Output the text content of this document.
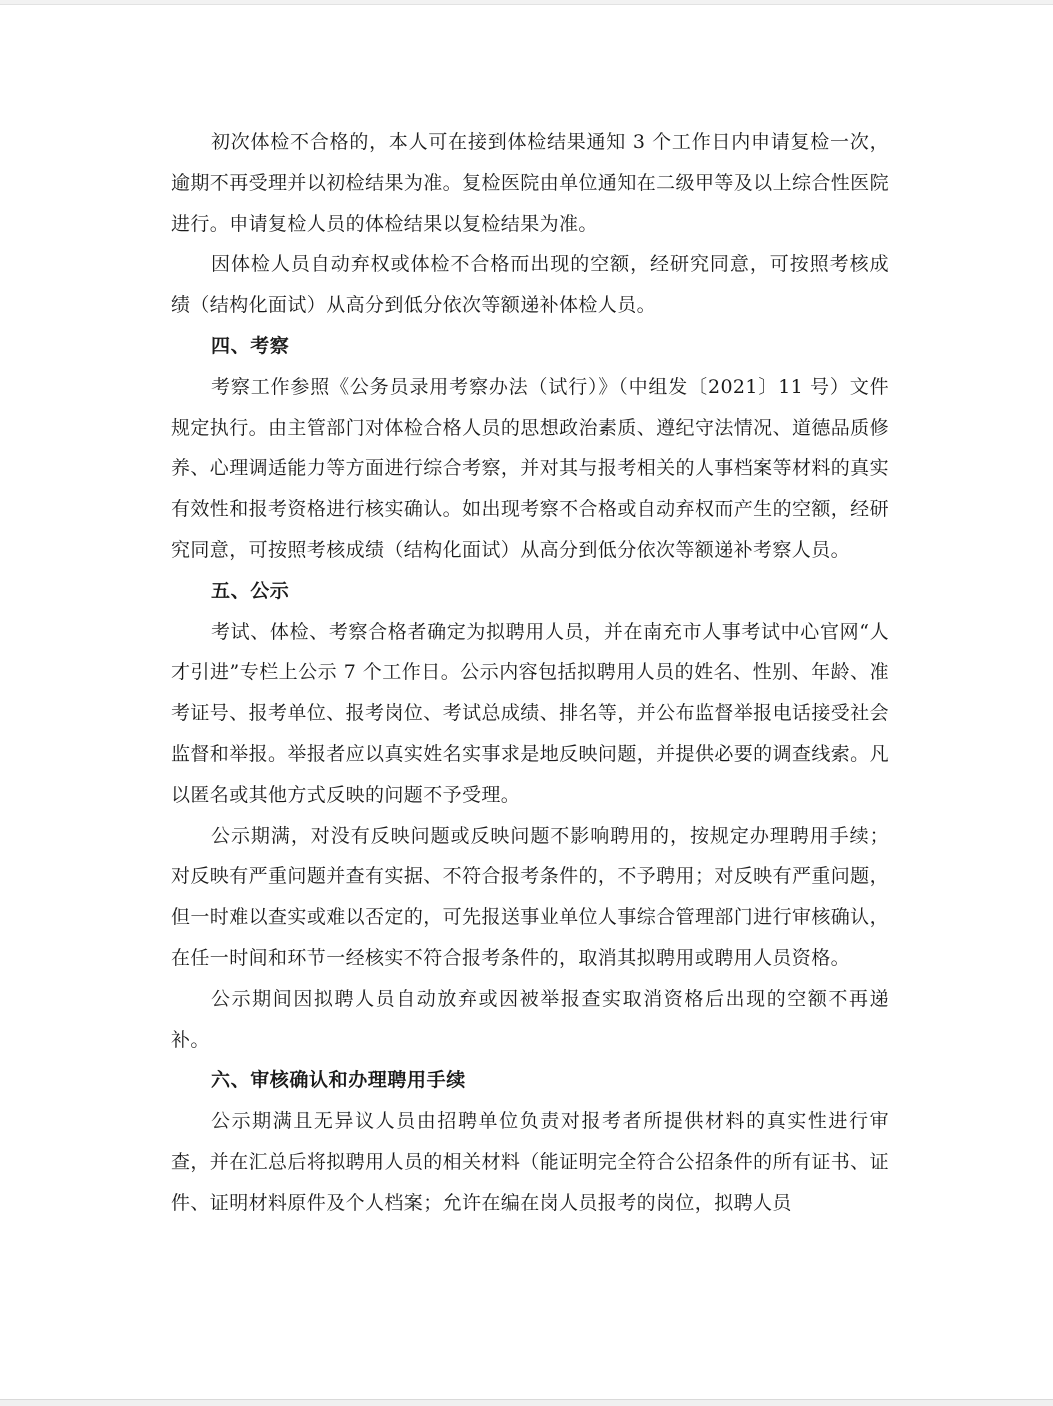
初次体检不合格的，本人可在接到体检结果通知 3 个工作日内申请复检一次，逾期不再受理并以初检结果为准。复检医院由单位通知在二级甲等及以上综合性医院进行。申请复检人员的体检结果以复检结果为准。

因体检人员自动弃权或体检不合格而出现的空额，经研究同意，可按照考核成绩（结构化面试）从高分到低分依次等额递补体检人员。

四、考察

考察工作参照《公务员录用考察办法（试行）》（中组发〔2021〕11 号）文件规定执行。由主管部门对体检合格人员的思想政治素质、遵纪守法情况、道德品质修养、心理调适能力等方面进行综合考察，并对其与报考相关的人事档案等材料的真实有效性和报考资格进行核实确认。如出现考察不合格或自动弃权而产生的空额，经研究同意，可按照考核成绩（结构化面试）从高分到低分依次等额递补考察人员。

五、公示

考试、体检、考察合格者确定为拟聘用人员，并在南充市人事考试中心官网“人才引进”专栏上公示 7 个工作日。公示内容包括拟聘用人员的姓名、性别、年龄、准考证号、报考单位、报考岗位、考试总成绩、排名等，并公布监督举报电话接受社会监督和举报。举报者应以真实姓名实事求是地反映问题，并提供必要的调查线索。凡以匿名或其他方式反映的问题不予受理。

公示期满，对没有反映问题或反映问题不影响聘用的，按规定办理聘用手续；对反映有严重问题并查有实据、不符合报考条件的，不予聘用；对反映有严重问题，但一时难以查实或难以否定的，可先报送事业单位人事综合管理部门进行审核确认，在任一时间和环节一经核实不符合报考条件的，取消其拟聘用或聘用人员资格。

公示期间因拟聘人员自动放弃或因被举报查实取消资格后出现的空额不再递补。

六、审核确认和办理聘用手续

公示期满且无异议人员由招聘单位负责对报考者所提供材料的真实性进行审查，并在汇总后将拟聘用人员的相关材料（能证明完全符合公招条件的所有证书、证件、证明材料原件及个人档案；允许在编在岗人员报考的岗位，拟聘人员
